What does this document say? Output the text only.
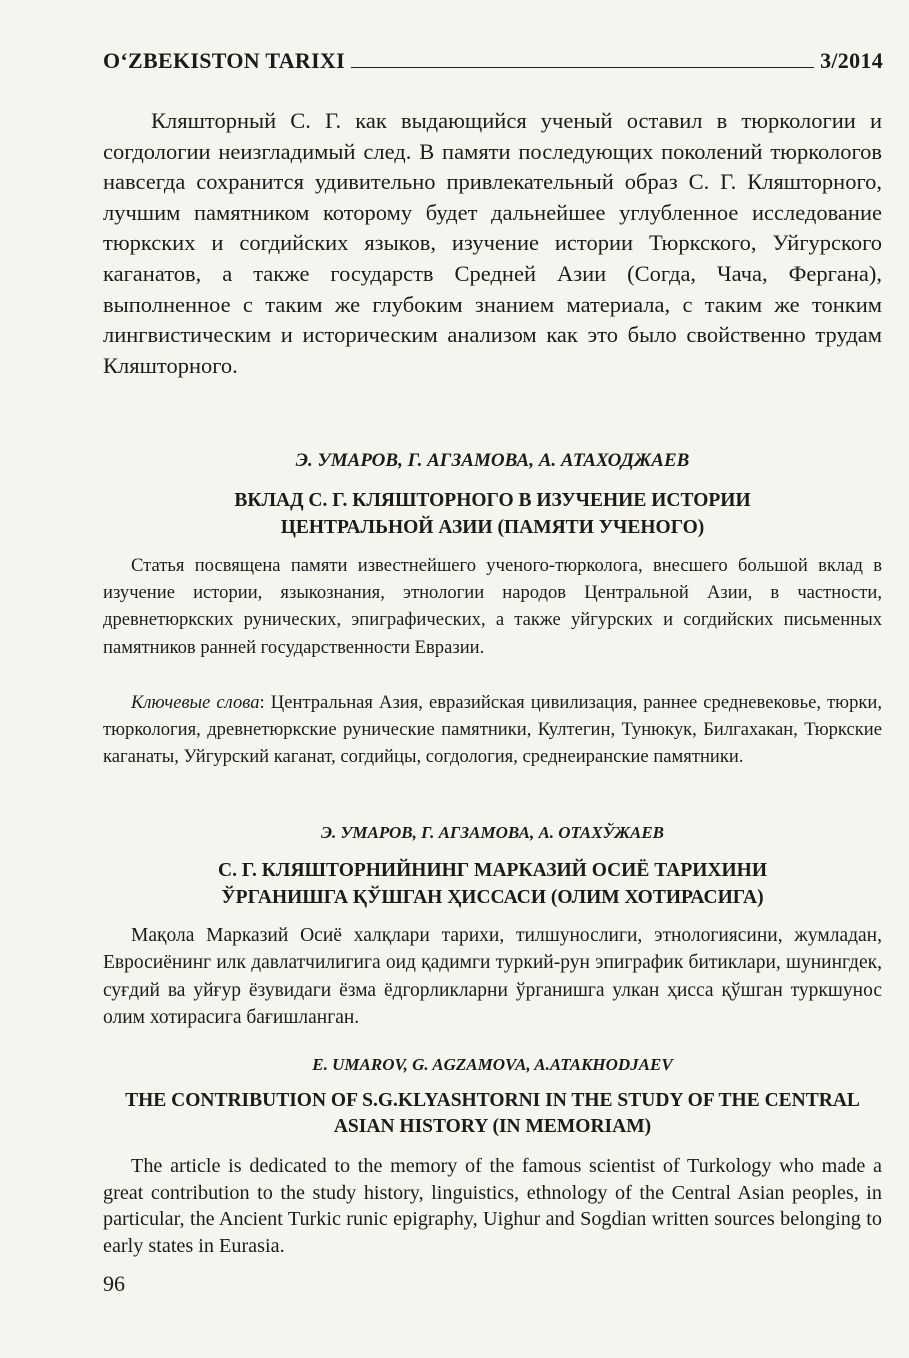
O‘ZBEKISTON TARIXI	3/2014

Кляшторный С. Г. как выдающийся ученый оставил в тюркологии и согдологии неизгладимый след. В памяти последующих поколений тюркологов навсегда сохранится удивительно привлекательный образ С. Г. Кляшторного, лучшим памятником которому будет дальнейшее углубленное исследование тюркских и согдийских языков, изучение истории Тюркского, Уйгурского каганатов, а также государств Средней Азии (Согда, Чача, Фергана), выполненное с таким же глубоким знанием материала, с таким же тонким лингвистическим и историческим анализом как это было свойственно трудам Кляшторного.

Э. УМАРОВ, Г. АГЗАМОВА, А. АТАХОДЖАЕВ

ВКЛАД С. Г. КЛЯШТОРНОГО В ИЗУЧЕНИЕ ИСТОРИИ

ЦЕНТРАЛЬНОЙ АЗИИ (ПАМЯТИ УЧЕНОГО)

Статья посвящена памяти известнейшего ученого-тюрколога, внесшего большой вклад в изучение истории, языкознания, этнологии народов Центральной Азии, в частности, древнетюркских рунических, эпиграфических, а также уйгурских и согдийских письменных памятников ранней государственности Евразии.

Ключевые слова: Центральная Азия, евразийская цивилизация, раннее средневековье, тюрки, тюркология, древнетюркские рунические памятники, Култегин, Тунюкук, Билгахакан, Тюркские каганаты, Уйгурский каганат, согдийцы, согдология, среднеиранские памятники.

Э. УМАРОВ, Г. АГЗАМОВА, А. ОТАХЎЖАЕВ

С. Г. КЛЯШТОРНИЙНИНГ МАРКАЗИЙ ОСИЁ ТАРИХИНИ

ЎРГАНИШГА ҚЎШГАН ҲИССАСИ (ОЛИМ ХОТИРАСИГА)

Мақола Марказий Осиё халқлари тарихи, тилшунослиги, этнологиясини, жумладан, Евросиёнинг илк давлатчилигига оид қадимги туркий-рун эпиграфик битиклари, шунингдек, суғдий ва уйғур ёзувидаги ёзма ёдгорликларни ўрганишга улкан ҳисса қўшган туркшунос олим хотирасига бағишланган.

E. UMAROV, G. AGZAMOVA, A.ATAKHODJAEV

THE CONTRIBUTION OF S.G.KLYASHTORNI IN THE STUDY OF THE CENTRAL

ASIAN HISTORY (IN MEMORIAM)

The article is dedicated to the memory of the famous scientist of Turkology who made a great contribution to the study history, linguistics, ethnology of the Central Asian peoples, in particular, the Ancient Turkic runic epigraphy, Uighur and Sogdian written sources belonging to early states in Eurasia.

96
